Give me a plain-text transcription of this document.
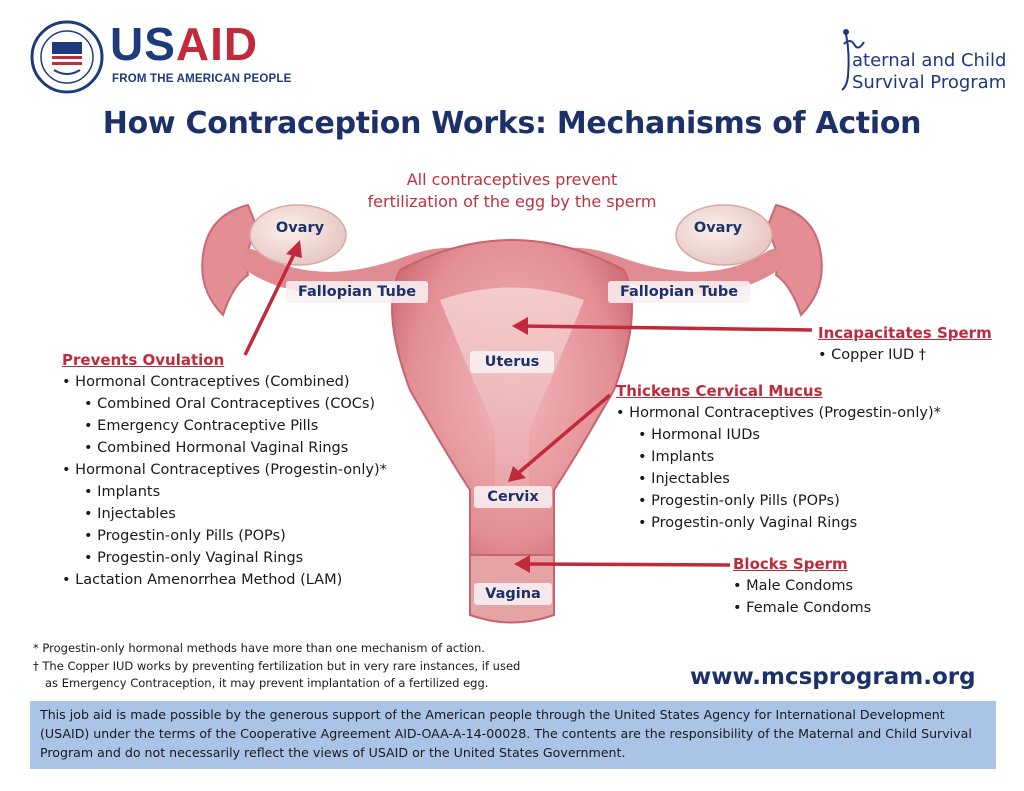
USAID
FROM THE AMERICAN PEOPLE
aternal and Child
Survival Program
How Contraception Works: Mechanisms of Action
All contraceptives prevent
fertilization of the egg by the sperm
Ovary	Ovary
Fallopian Tube	Fallopian Tube
Uterus
Cervix
Vagina
Prevents Ovulation
• Hormonal Contraceptives (Combined)
• Combined Oral Contraceptives (COCs)
• Emergency Contraceptive Pills
• Combined Hormonal Vaginal Rings
• Hormonal Contraceptives (Progestin-only)*
• Implants
• Injectables
• Progestin-only Pills (POPs)
• Progestin-only Vaginal Rings
• Lactation Amenorrhea Method (LAM)
Incapacitates Sperm
• Copper IUD †
Thickens Cervical Mucus
• Hormonal Contraceptives (Progestin-only)*
• Hormonal IUDs
• Implants
• Injectables
• Progestin-only Pills (POPs)
• Progestin-only Vaginal Rings
Blocks Sperm
• Male Condoms
• Female Condoms
* Progestin-only hormonal methods have more than one mechanism of action.
† The Copper IUD works by preventing fertilization but in very rare instances, if used
as Emergency Contraception, it may prevent implantation of a fertilized egg.	www.mcsprogram.org
This job aid is made possible by the generous support of the American people through the United States Agency for International Development (USAID) under the terms of the Cooperative Agreement AID-OAA-A-14-00028. The contents are the responsibility of the Maternal and Child Survival Program and do not necessarily reflect the views of USAID or the United States Government.
